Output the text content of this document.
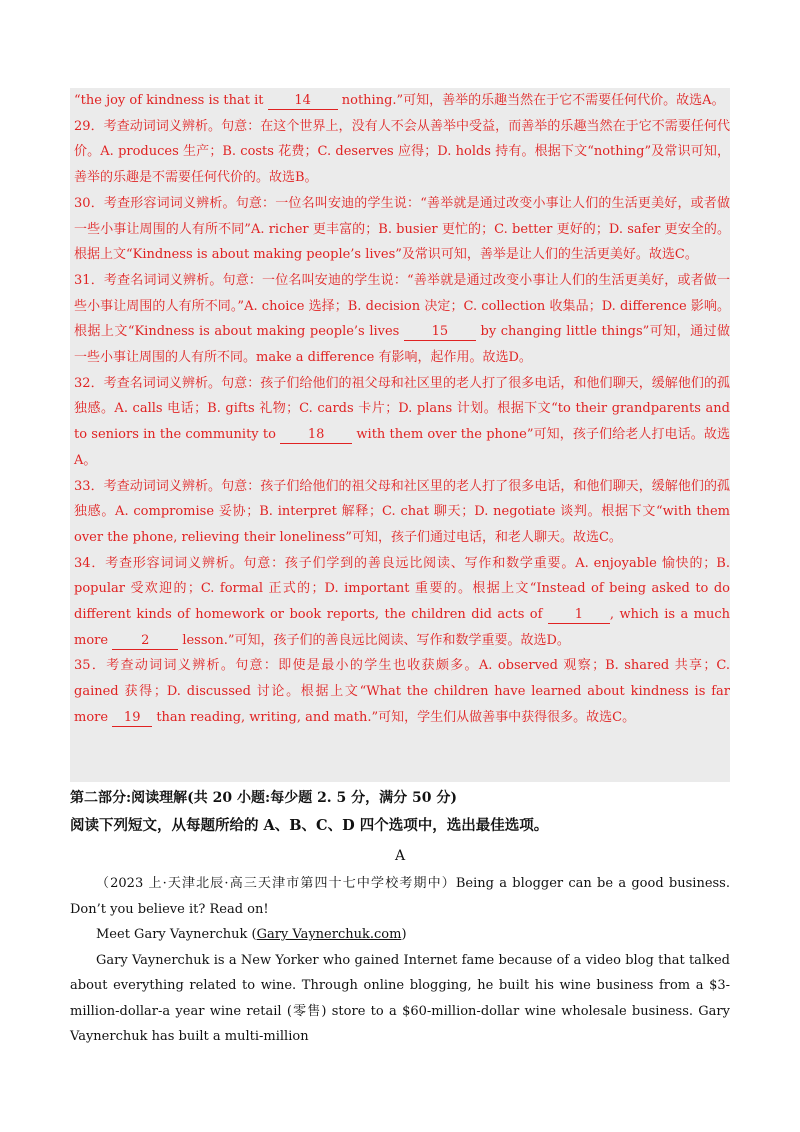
“the joy of kindness is that it 14 nothing.”可知，善举的乐趣当然在于它不需要任何代价。故选A。

29．考查动词词义辨析。句意：在这个世界上，没有人不会从善举中受益，而善举的乐趣当然在于它不需要任何代价。A. produces 生产；B. costs 花费；C. deserves 应得；D. holds 持有。根据下文“nothing”及常识可知，善举的乐趣是不需要任何代价的。故选B。

30．考查形容词词义辨析。句意：一位名叫安迪的学生说：“善举就是通过改变小事让人们的生活更美好，或者做一些小事让周围的人有所不同”A. richer 更丰富的；B. busier 更忙的；C. better 更好的；D. safer 更安全的。根据上文“Kindness is about making people’s lives”及常识可知，善举是让人们的生活更美好。故选C。

31．考查名词词义辨析。句意：一位名叫安迪的学生说：“善举就是通过改变小事让人们的生活更美好，或者做一些小事让周围的人有所不同。”A. choice 选择；B. decision 决定；C. collection 收集品；D. difference 影响。根据上文“Kindness is about making people’s lives 15 by changing little things”可知，通过做一些小事让周围的人有所不同。make a difference 有影响，起作用。故选D。

32．考查名词词义辨析。句意：孩子们给他们的祖父母和社区里的老人打了很多电话，和他们聊天，缓解他们的孤独感。A. calls 电话；B. gifts 礼物；C. cards 卡片；D. plans 计划。根据下文“to their grandparents and to seniors in the community to 18 with them over the phone”可知，孩子们给老人打电话。故选A。

33．考查动词词义辨析。句意：孩子们给他们的祖父母和社区里的老人打了很多电话，和他们聊天，缓解他们的孤独感。A. compromise 妥协；B. interpret 解释；C. chat 聊天；D. negotiate 谈判。根据下文“with them over the phone, relieving their loneliness”可知，孩子们通过电话，和老人聊天。故选C。

34．考查形容词词义辨析。句意：孩子们学到的善良远比阅读、写作和数学重要。A. enjoyable 愉快的；B. popular 受欢迎的；C. formal 正式的；D. important 重要的。根据上文“Instead of being asked to do different kinds of homework or book reports, the children did acts of 1 , which is a much more 2 lesson.”可知，孩子们的善良远比阅读、写作和数学重要。故选D。

35．考查动词词义辨析。句意：即使是最小的学生也收获颇多。A. observed 观察；B. shared 共享；C. gained 获得；D. discussed 讨论。根据上文“What the children have learned about kindness is far more 19 than reading, writing, and math.”可知，学生们从做善事中获得很多。故选C。

第二部分:阅读理解(共 20 小题:每少题 2. 5 分，满分 50 分)

阅读下列短文，从每题所给的 A、B、C、D 四个选项中，选出最佳选项。

A

（2023 上·天津北辰·高三天津市第四十七中学校考期中）Being a blogger can be a good business. Don’t you believe it? Read on!

Meet Gary Vaynerchuk (Gary Vaynerchuk.com)

Gary Vaynerchuk is a New Yorker who gained Internet fame because of a video blog that talked about everything related to wine. Through online blogging, he built his wine business from a $3-million-dollar-a year wine retail (零售) store to a $60-million-dollar wine wholesale business. Gary Vaynerchuk has built a multi-million
